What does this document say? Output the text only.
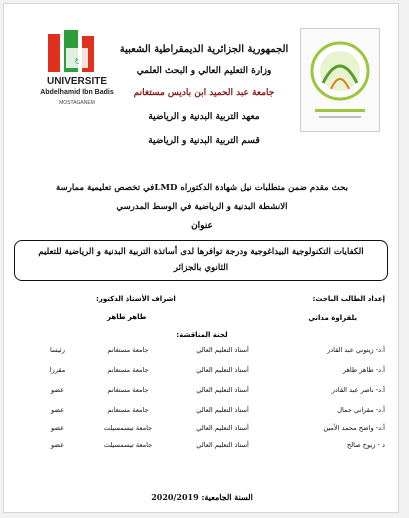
ع
UNIVERSITE
Abdelhamid Ibn Badis
MOSTAGANEM
الجمهورية الجزائرية الديمقراطية الشعبية
وزارة التعليم العالي و البحث العلمي
جامعة عبد الحميد ابن باديس مستغانم
معهد التربية البدنية و الرياضية
قسم التربية البدنية و الرياضية
بحث مقدم ضمن متطلبات نيل شهادة الدكتوراه LMDفي تخصص تعليمية ممارسة
الانشطة البدنية و الرياضية في الوسط المدرسي
عنوان
الكفايات التكنولوجية البيداغوجية ودرجة توافرها لدى أساتذة التربية البدنية و الرياضية للتعليم
الثانوي بالجزائر
إعداد الطالب الباحث:
بلقراوة مداني
اشراف الأستاذ الدكتور:
طاهر طاهر
لجنة المناقشة:
أ.د- زيتوني عبد القادر
أستاذ التعليم العالي
جامعة مستغانم
رئيسا
أ.د- طاهر طاهر
أستاذ التعليم العالي
جامعة مستغانم
مقررا
أ.د- ناصر عبد القادر
أستاذ التعليم العالي
جامعة مستغانم
عضو
أ.د- مقراني جمال
أستاذ التعليم العالي
جامعة مستغانم
عضو
أ.د- واضح محمد الأمين
أستاذ التعليم العالي
جامعة تيسمسيلت
عضو
د - زيوح صالح
أستاذ التعليم العالي
جامعة تيسمسيلت
عضو
السنة الجامعية: 2020/2019
